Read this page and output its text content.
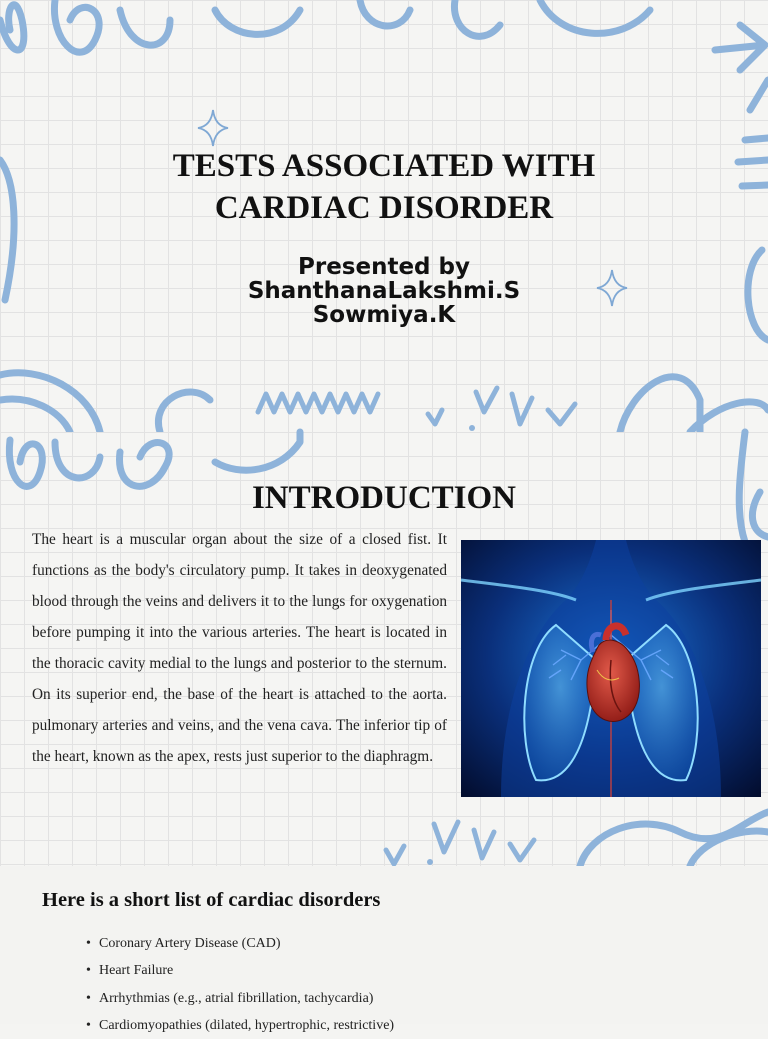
TESTS ASSOCIATED WITH
CARDIAC DISORDER
Presented by
ShanthanaLakshmi.S
Sowmiya.K
INTRODUCTION

The heart is a muscular organ about the size of a closed fist. It functions as the body's circulatory pump. It takes in deoxygenated blood through the veins and delivers it to the lungs for oxygenation before pumping it into the various arteries. The heart is located in the thoracic cavity medial to the lungs and posterior to the sternum. On its superior end, the base of the heart is attached to the aorta. pulmonary arteries and veins, and the vena cava. The inferior tip of the heart, known as the apex, rests just superior to the diaphragm.

Here is a short list of cardiac disorders
• Coronary Artery Disease (CAD)
• Heart Failure
• Arrhythmias (e.g., atrial fibrillation, tachycardia)
• Cardiomyopathies (dilated, hypertrophic, restrictive)
